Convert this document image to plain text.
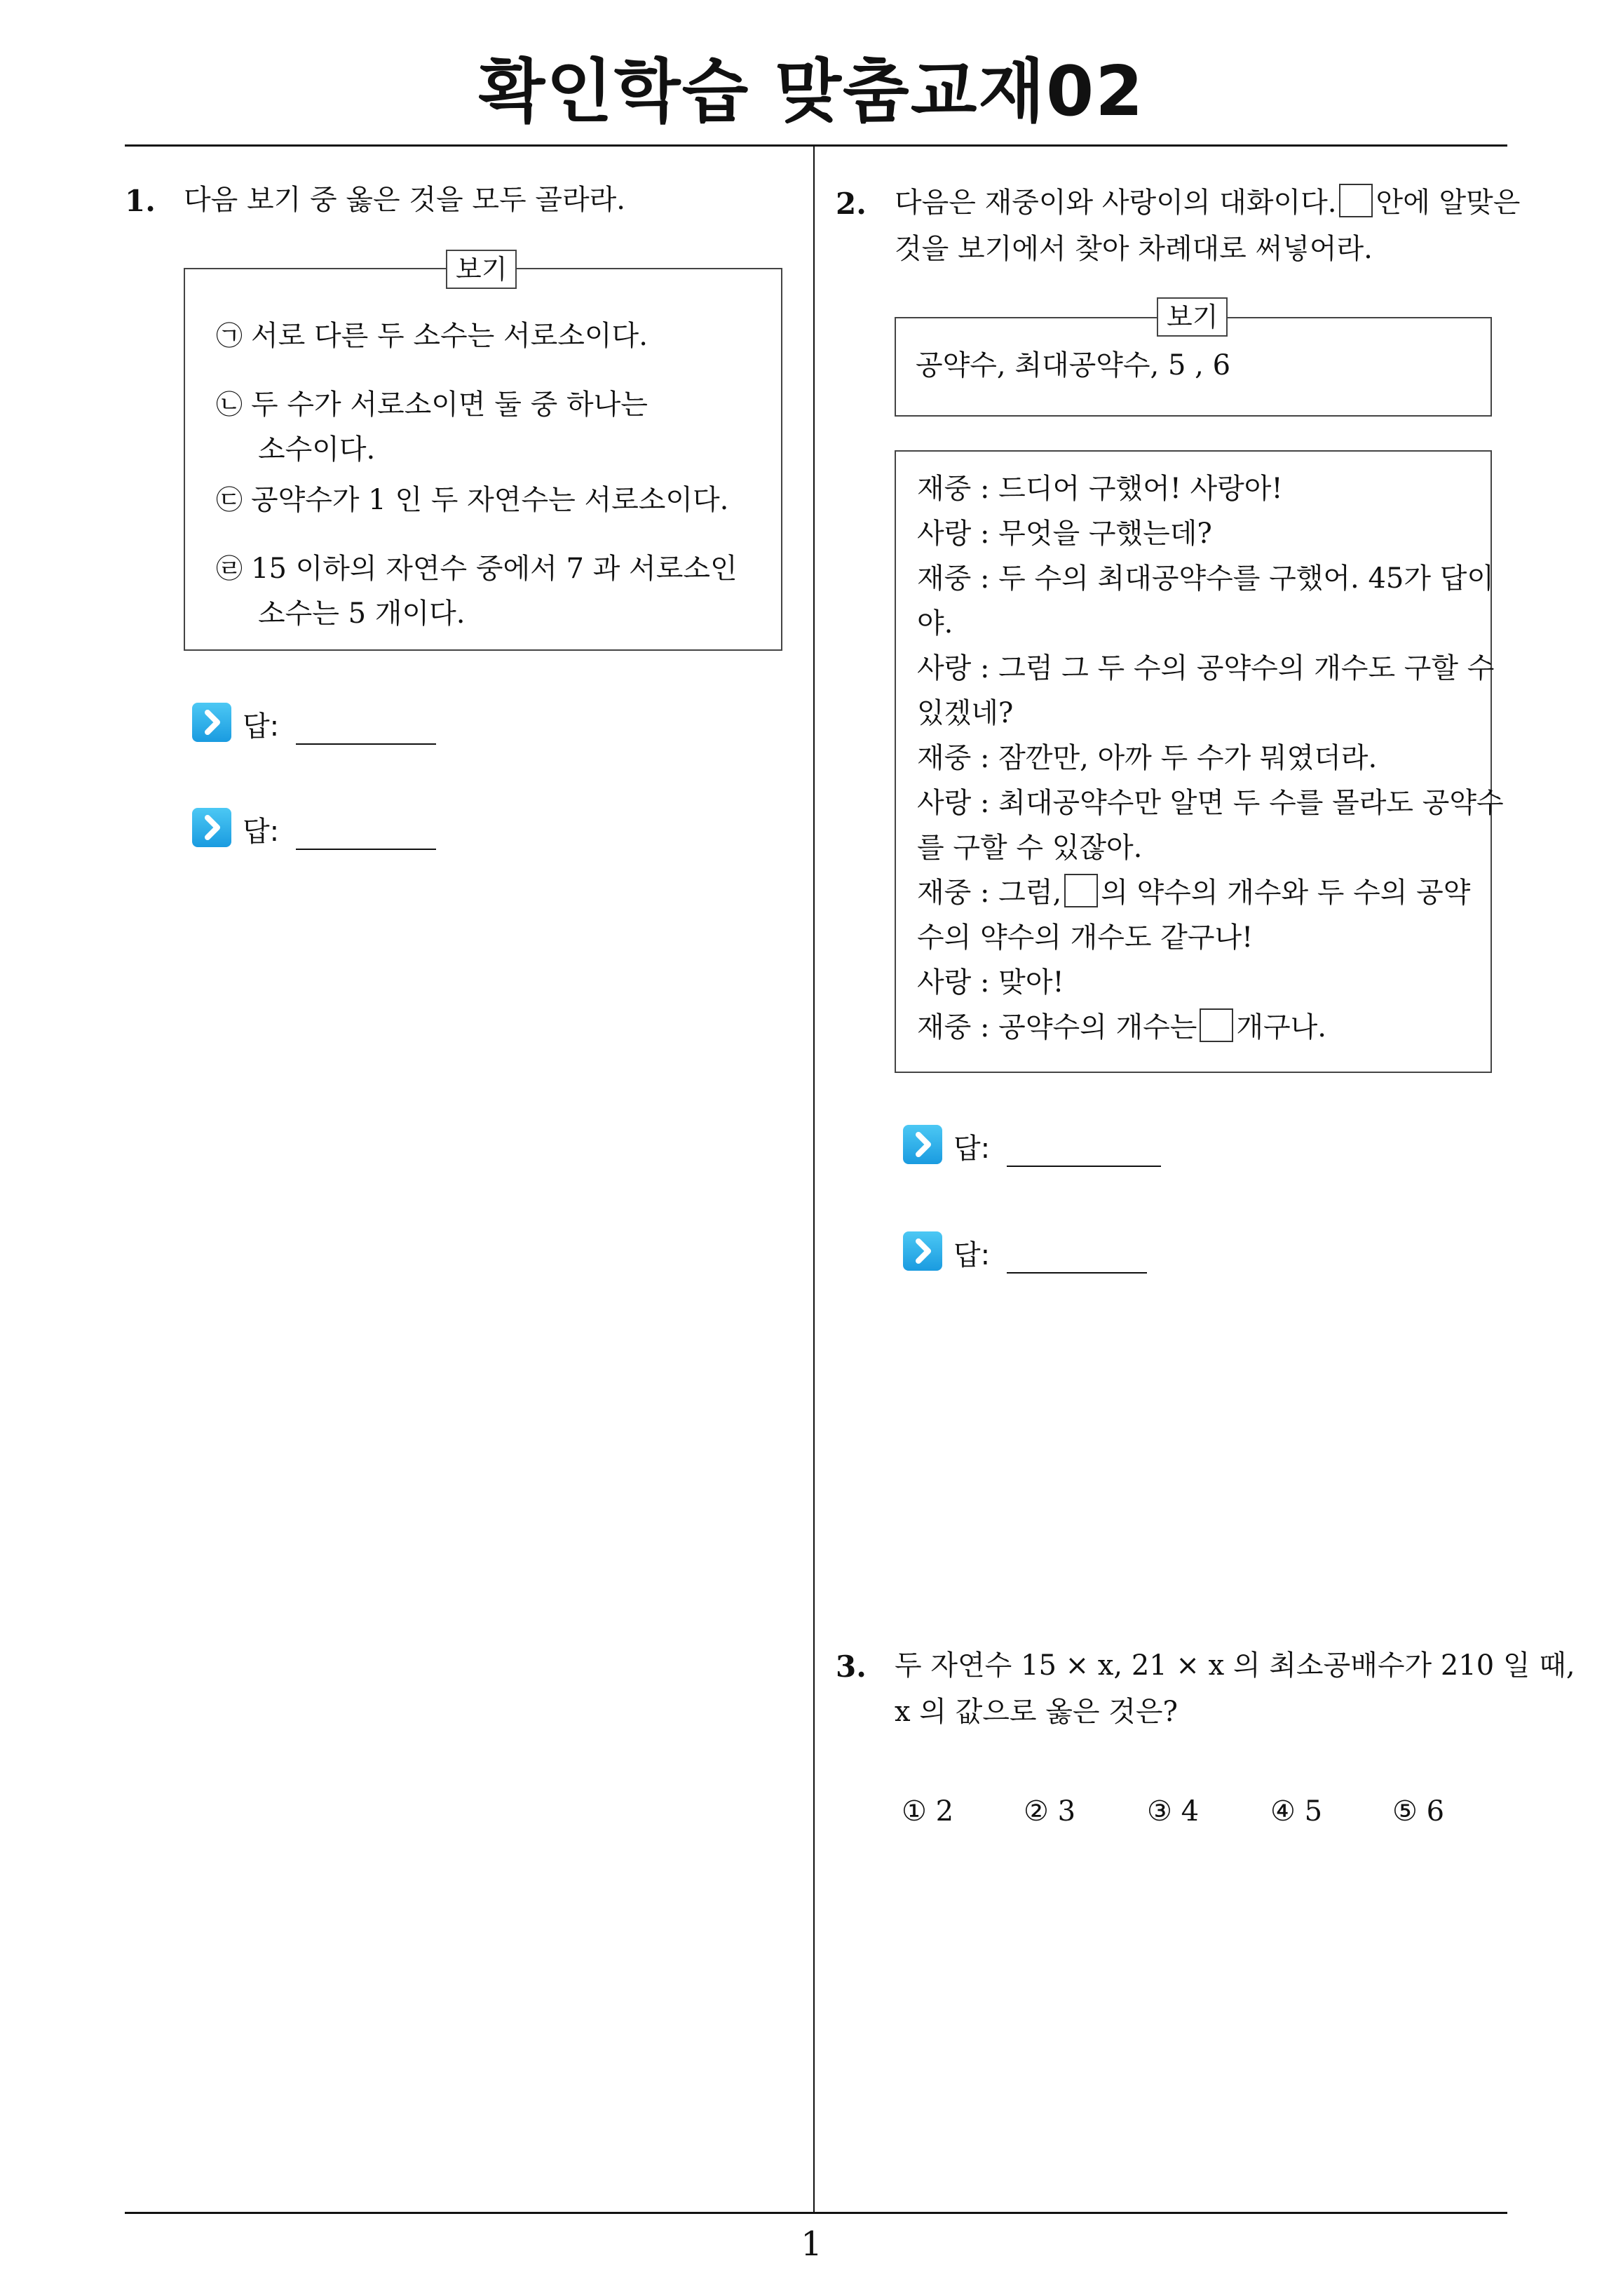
확인학습 맞춤교재02
1. 다음 보기 중 옳은 것을 모두 골라라.
보기
㉠ 서로 다른 두 소수는 서로소이다.
㉡ 두 수가 서로소이면 둘 중 하나는
소수이다.
㉢ 공약수가 1 인 두 자연수는 서로소이다.
㉣ 15 이하의 자연수 중에서 7 과 서로소인
소수는 5 개이다.
답:
답:
2. 다음은 재중이와 사랑이의 대화이다. 안에 알맞은
것을 보기에서 찾아 차례대로 써넣어라.
보기
공약수, 최대공약수, 5 , 6
재중 : 드디어 구했어! 사랑아!
사랑 : 무엇을 구했는데?
재중 : 두 수의 최대공약수를 구했어. 45가 답이
야.
사랑 : 그럼 그 두 수의 공약수의 개수도 구할 수
있겠네?
재중 : 잠깐만, 아까 두 수가 뭐였더라.
사랑 : 최대공약수만 알면 두 수를 몰라도 공약수
를 구할 수 있잖아.
재중 : 그럼, 의 약수의 개수와 두 수의 공약
수의 약수의 개수도 같구나!
사랑 : 맞아!
재중 : 공약수의 개수는 개구나.
답:
답:
3. 두 자연수 15 × x, 21 × x 의 최소공배수가 210 일 때,
x 의 값으로 옳은 것은?
① 2 ② 3	③ 4	④ 5 ⑤ 6
1
